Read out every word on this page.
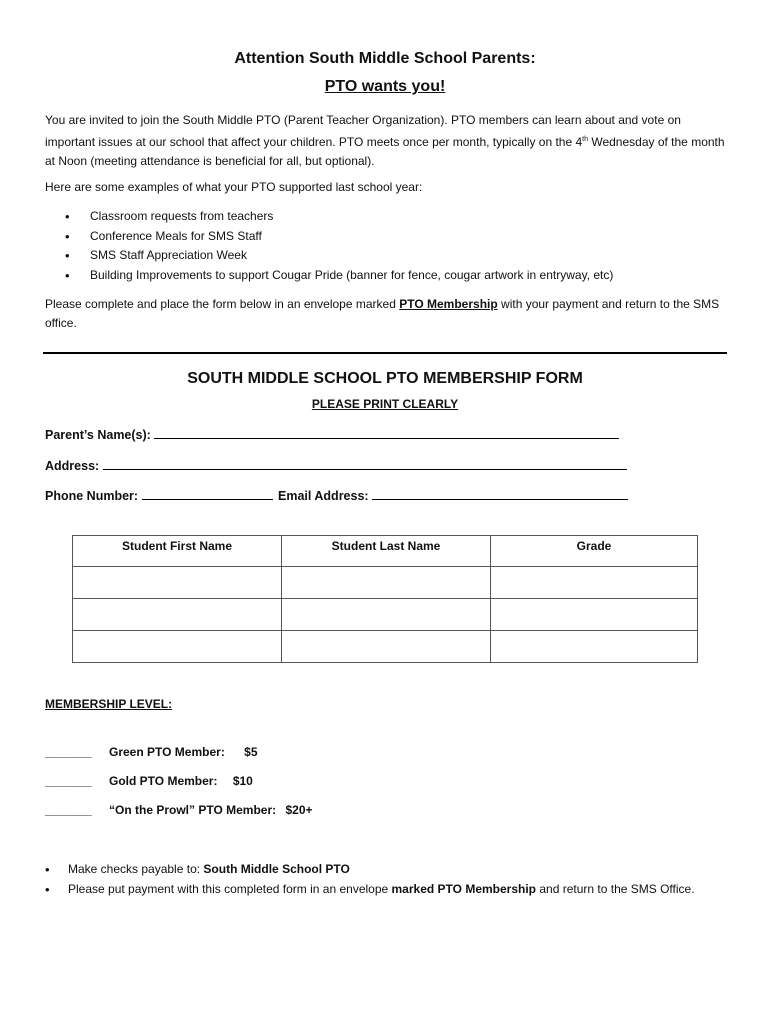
Attention South Middle School Parents:
PTO wants you!
You are invited to join the South Middle PTO (Parent Teacher Organization). PTO members can learn about and vote on important issues at our school that affect your children. PTO meets once per month, typically on the 4th Wednesday of the month at Noon (meeting attendance is beneficial for all, but optional).
Here are some examples of what your PTO supported last school year:
• Classroom requests from teachers
• Conference Meals for SMS Staff
• SMS Staff Appreciation Week
• Building Improvements to support Cougar Pride (banner for fence, cougar artwork in entryway, etc)
Please complete and place the form below in an envelope marked PTO Membership with your payment and return to the SMS office.
SOUTH MIDDLE SCHOOL PTO MEMBERSHIP FORM
PLEASE PRINT CLEARLY
Parent’s Name(s):
Address:
Phone Number:	Email Address:
Student First Name	Student Last Name	Grade

MEMBERSHIP LEVEL:
_______ Green PTO Member: $5
_______ Gold PTO Member: $10
_______ “On the Prowl” PTO Member: $20+
• Make checks payable to: South Middle School PTO
• Please put payment with this completed form in an envelope marked PTO Membership and return to the SMS Office.
